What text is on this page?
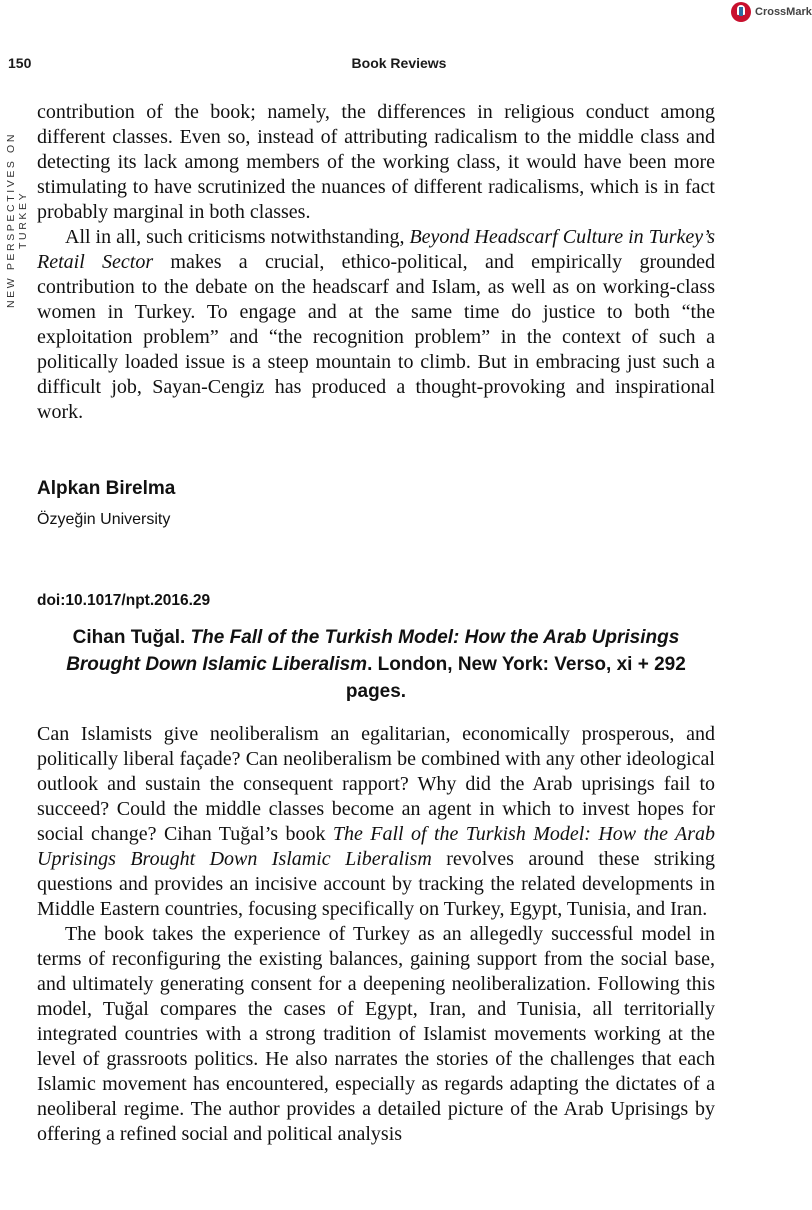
CrossMark
150	Book Reviews
NEW PERSPECTIVES ON TURKEY

contribution of the book; namely, the differences in religious conduct among different classes. Even so, instead of attributing radicalism to the middle class and detecting its lack among members of the working class, it would have been more stimulating to have scrutinized the nuances of different radicalisms, which is in fact probably marginal in both classes.

All in all, such criticisms notwithstanding, Beyond Headscarf Culture in Turkey’s Retail Sector makes a crucial, ethico-political, and empirically grounded contribution to the debate on the headscarf and Islam, as well as on working-class women in Turkey. To engage and at the same time do justice to both “the exploitation problem” and “the recognition problem” in the context of such a politically loaded issue is a steep mountain to climb. But in embracing just such a difficult job, Sayan-Cengiz has produced a thought-provoking and inspirational work.

Alpkan Birelma
Özyeğin University
doi:10.1017/npt.2016.29
Cihan Tuğal. The Fall of the Turkish Model: How the Arab Uprisings Brought Down Islamic Liberalism. London, New York: Verso, xi + 292 pages.

Can Islamists give neoliberalism an egalitarian, economically prosperous, and politically liberal façade? Can neoliberalism be combined with any other ideological outlook and sustain the consequent rapport? Why did the Arab uprisings fail to succeed? Could the middle classes become an agent in which to invest hopes for social change? Cihan Tuğal’s book The Fall of the Turkish Model: How the Arab Uprisings Brought Down Islamic Liberalism revolves around these striking questions and provides an incisive account by tracking the related developments in Middle Eastern countries, focusing specifically on Turkey, Egypt, Tunisia, and Iran.

The book takes the experience of Turkey as an allegedly successful model in terms of reconfiguring the existing balances, gaining support from the social base, and ultimately generating consent for a deepening neoliberalization. Following this model, Tuğal compares the cases of Egypt, Iran, and Tunisia, all territorially integrated countries with a strong tradition of Islamist movements working at the level of grassroots politics. He also narrates the stories of the challenges that each Islamic movement has encountered, especially as regards adapting the dictates of a neoliberal regime. The author provides a detailed picture of the Arab Uprisings by offering a refined social and political analysis
